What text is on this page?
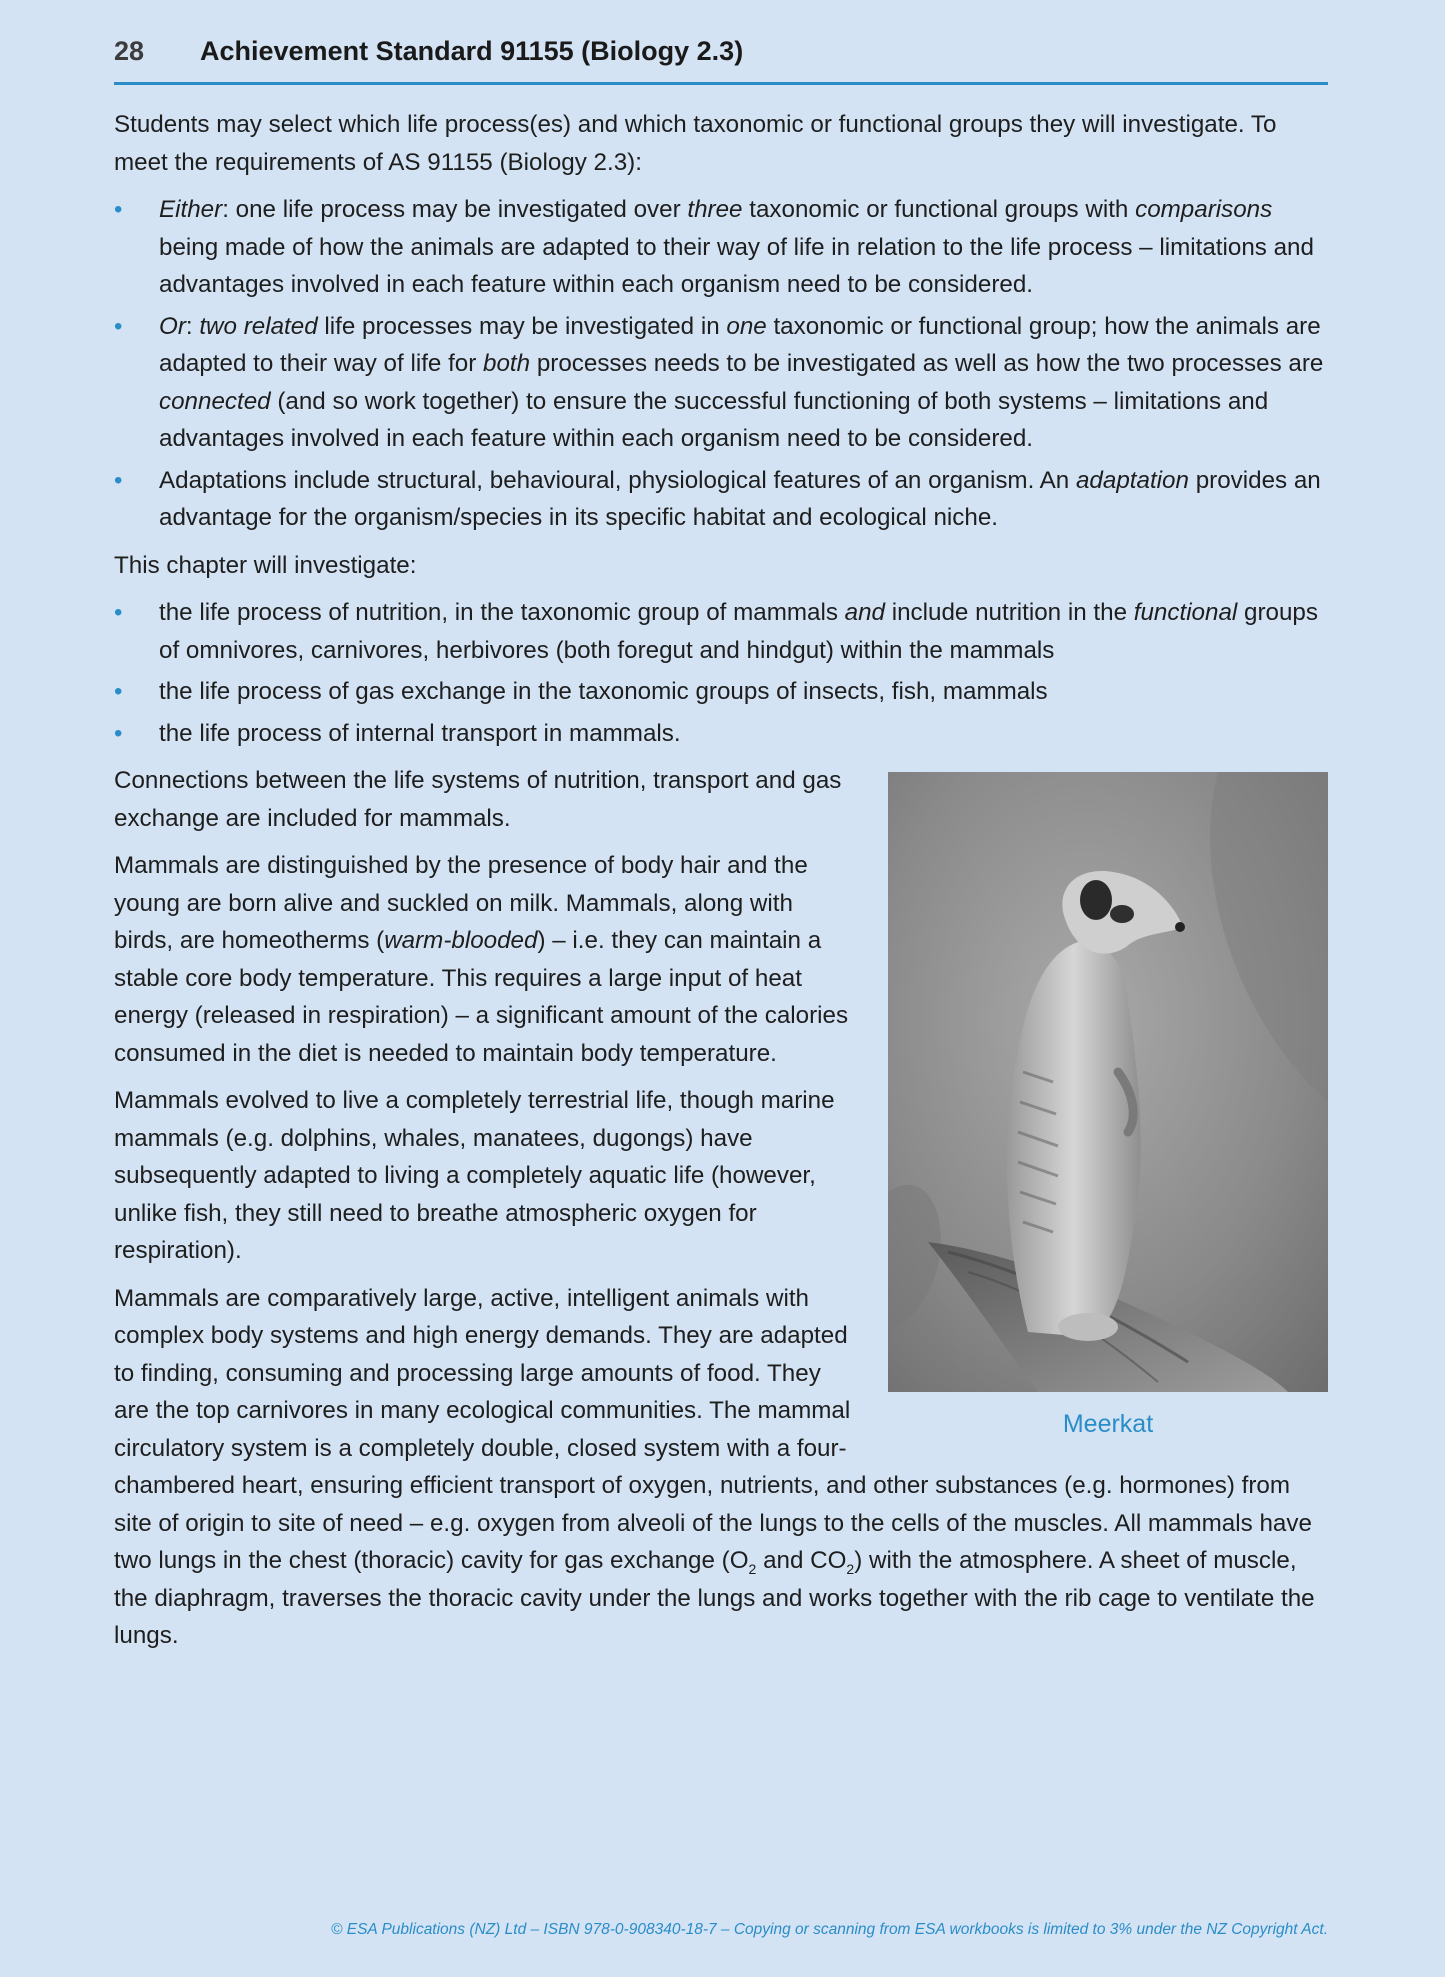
28 Achievement Standard 91155 (Biology 2.3)

Students may select which life process(es) and which taxonomic or functional groups they will investigate. To meet the requirements of AS 91155 (Biology 2.3):

• Either: one life process may be investigated over three taxonomic or functional groups with comparisons being made of how the animals are adapted to their way of life in relation to the life process – limitations and advantages involved in each feature within each organism need to be considered.
• Or: two related life processes may be investigated in one taxonomic or functional group; how the animals are adapted to their way of life for both processes needs to be investigated as well as how the two processes are connected (and so work together) to ensure the successful functioning of both systems – limitations and advantages involved in each feature within each organism need to be considered.
• Adaptations include structural, behavioural, physiological features of an organism. An adaptation provides an advantage for the organism/species in its specific habitat and ecological niche.

This chapter will investigate:

• the life process of nutrition, in the taxonomic group of mammals and include nutrition in the functional groups of omnivores, carnivores, herbivores (both foregut and hindgut) within the mammals
• the life process of gas exchange in the taxonomic groups of insects, fish, mammals
• the life process of internal transport in mammals.
Meerkat

Connections between the life systems of nutrition, transport and gas exchange are included for mammals.

Mammals are distinguished by the presence of body hair and the young are born alive and suckled on milk. Mammals, along with birds, are homeotherms (warm-blooded) – i.e. they can maintain a stable core body temperature. This requires a large input of heat energy (released in respiration) – a significant amount of the calories consumed in the diet is needed to maintain body temperature.

Mammals evolved to live a completely terrestrial life, though marine mammals (e.g. dolphins, whales, manatees, dugongs) have subsequently adapted to living a completely aquatic life (however, unlike fish, they still need to breathe atmospheric oxygen for respiration).

Mammals are comparatively large, active, intelligent animals with complex body systems and high energy demands. They are adapted to finding, consuming and processing large amounts of food. They are the top carnivores in many ecological communities. The mammal circulatory system is a completely double, closed system with a four-chambered heart, ensuring efficient transport of oxygen, nutrients, and other substances (e.g. hormones) from site of origin to site of need – e.g. oxygen from alveoli of the lungs to the cells of the muscles. All mammals have two lungs in the chest (thoracic) cavity for gas exchange ($O_2$ and $CO_2$) with the atmosphere. A sheet of muscle, the diaphragm, traverses the thoracic cavity under the lungs and works together with the rib cage to ventilate the lungs.

© ESA Publications (NZ) Ltd – ISBN 978-0-908340-18-7 – Copying or scanning from ESA workbooks is limited to 3% under the NZ Copyright Act.
